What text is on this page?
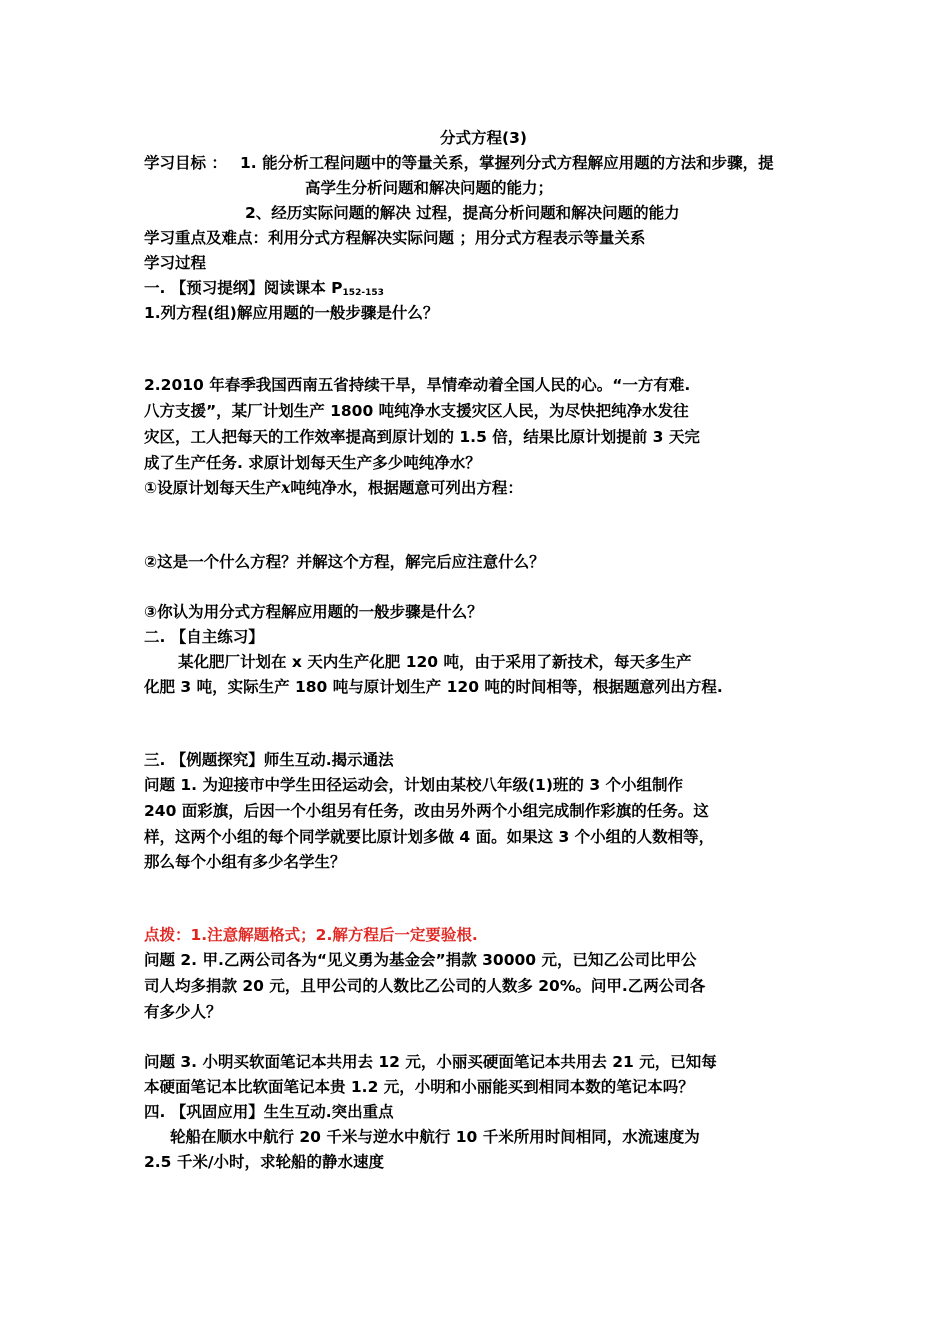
分式方程(3)
学习目标 ： 1. 能分析工程问题中的等量关系，掌握列分式方程解应用题的方法和步骤，提
高学生分析问题和解决问题的能力；
2、经历实际问题的解决 过程，提高分析问题和解决问题的能力
学习重点及难点：利用分式方程解决实际问题 ；用分式方程表示等量关系
学习过程
一. 【预习提纲】阅读课本 $P_{152-153}$
1.列方程(组)解应用题的一般步骤是什么？
2.2010 年春季我国西南五省持续干旱，旱情牵动着全国人民的心。“一方有难.
八方支援”，某厂计划生产 1800 吨纯净水支援灾区人民，为尽快把纯净水发往
灾区，工人把每天的工作效率提高到原计划的 1.5 倍，结果比原计划提前 3 天完
成了生产任务. 求原计划每天生产多少吨纯净水？
①设原计划每天生产x吨纯净水，根据题意可列出方程：
②这是一个什么方程？并解这个方程，解完后应注意什么？
③你认为用分式方程解应用题的一般步骤是什么？
二. 【自主练习】
某化肥厂计划在 x 天内生产化肥 120 吨，由于采用了新技术，每天多生产
化肥 3 吨，实际生产 180 吨与原计划生产 120 吨的时间相等，根据题意列出方程.
三. 【例题探究】师生互动.揭示通法
问题 1. 为迎接市中学生田径运动会，计划由某校八年级(1)班的 3 个小组制作
240 面彩旗，后因一个小组另有任务，改由另外两个小组完成制作彩旗的任务。这
样，这两个小组的每个同学就要比原计划多做 4 面。如果这 3 个小组的人数相等，
那么每个小组有多少名学生？
点拨：1.注意解题格式；2.解方程后一定要验根.
问题 2. 甲.乙两公司各为“见义勇为基金会”捐款 30000 元，已知乙公司比甲公
司人均多捐款 20 元，且甲公司的人数比乙公司的人数多 20%。问甲.乙两公司各
有多少人？
问题 3. 小明买软面笔记本共用去 12 元，小丽买硬面笔记本共用去 21 元，已知每
本硬面笔记本比软面笔记本贵 1.2 元，小明和小丽能买到相同本数的笔记本吗？
四. 【巩固应用】生生互动.突出重点
轮船在顺水中航行 20 千米与逆水中航行 10 千米所用时间相同，水流速度为
2.5 千米/小时，求轮船的静水速度
